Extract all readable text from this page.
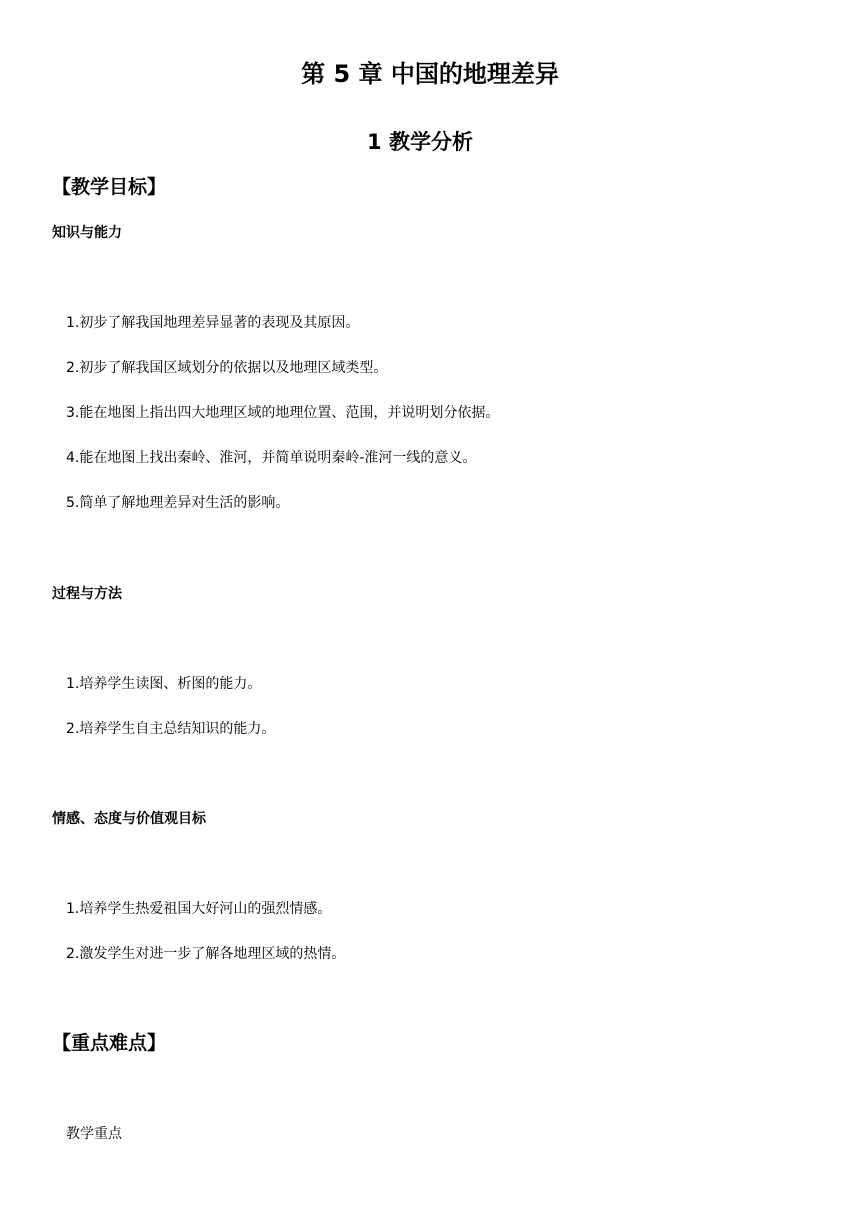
第 5 章 中国的地理差异
1 教学分析
【教学目标】
知识与能力
1.初步了解我国地理差异显著的表现及其原因。
2.初步了解我国区域划分的依据以及地理区域类型。
3.能在地图上指出四大地理区域的地理位置、范围，并说明划分依据。
4.能在地图上找出秦岭、淮河，并简单说明秦岭-淮河一线的意义。
5.简单了解地理差异对生活的影响。
过程与方法
1.培养学生读图、析图的能力。
2.培养学生自主总结知识的能力。
情感、态度与价值观目标
1.培养学生热爱祖国大好河山的强烈情感。
2.激发学生对进一步了解各地理区域的热情。
【重点难点】
教学重点
